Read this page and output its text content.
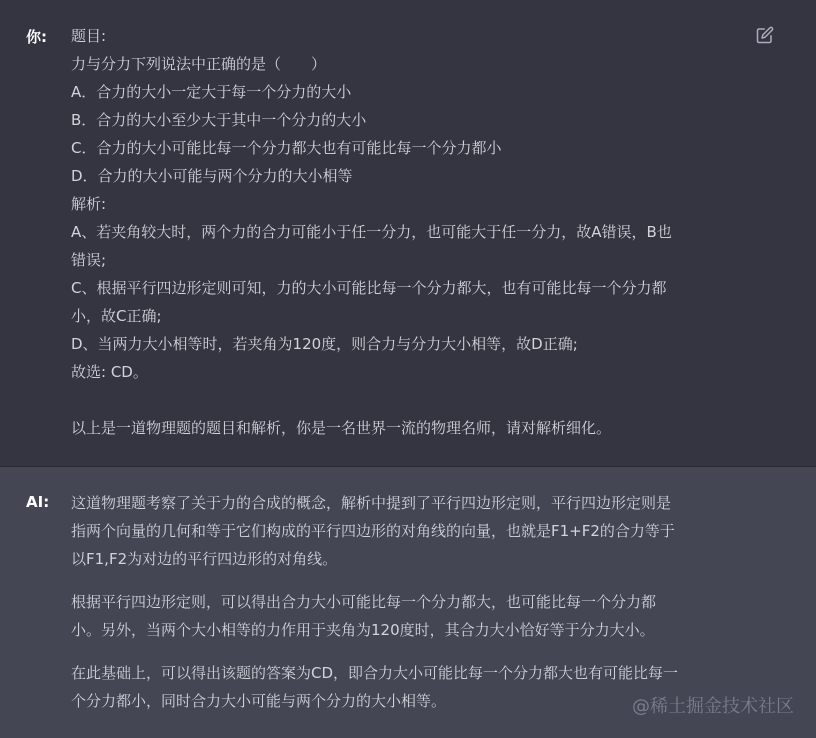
你: 题目:
力与分力下列说法中正确的是（　　）
A．合力的大小一定大于每一个分力的大小
B．合力的大小至少大于其中一个分力的大小
C．合力的大小可能比每一个分力都大也有可能比每一个分力都小
D．合力的大小可能与两个分力的大小相等
解析:
A、若夹角较大时，两个力的合力可能小于任一分力，也可能大于任一分力，故A错误，B也
错误;
C、根据平行四边形定则可知，力的大小可能比每一个分力都大，也有可能比每一个分力都
小，故C正确;
D、当两力大小相等时，若夹角为120度，则合力与分力大小相等，故D正确;
故选: CD。
以上是一道物理题的题目和解析，你是一名世界一流的物理名师，请对解析细化。
AI: 这道物理题考察了关于力的合成的概念，解析中提到了平行四边形定则，平行四边形定则是
指两个向量的几何和等于它们构成的平行四边形的对角线的向量，也就是F1+F2的合力等于
以F1,F2为对边的平行四边形的对角线。
根据平行四边形定则，可以得出合力大小可能比每一个分力都大，也可能比每一个分力都
小。另外，当两个大小相等的力作用于夹角为120度时，其合力大小恰好等于分力大小。
在此基础上，可以得出该题的答案为CD，即合力大小可能比每一个分力都大也有可能比每一
个分力都小，同时合力大小可能与两个分力的大小相等。	@稀土掘金技术社区
